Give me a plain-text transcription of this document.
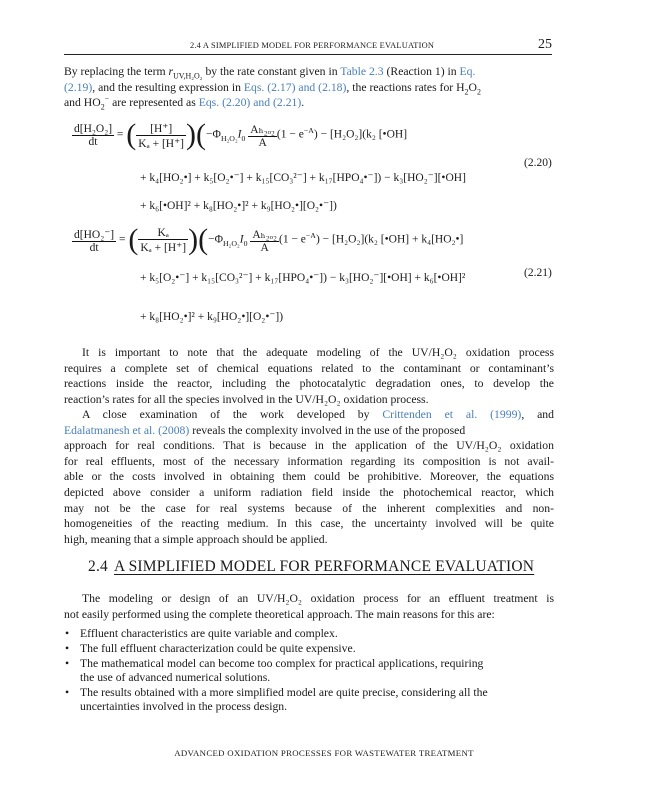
2.4 A SIMPLIFIED MODEL FOR PERFORMANCE EVALUATION	25
By replacing the term $r_{UV,H_2O_2}$ by the rate constant given in Table 2.3 (Reaction 1) in Eq.
(2.19), and the resulting expression in Eqs. (2.17) and (2.18), the reactions rates for $H_2O_2$
and $HO_2^-$ are represented as Eqs. (2.20) and (2.21).
$\frac{\text{d[H₂O₂]}}{dt}$ = ( $\frac{[H^+]}{\text{Kₐ + [H⁺]}} )(-\Phi_{H_2O_2}I_0 \frac{\text{Aₕ₂ₒ₂}}{A} (1 - e^{-A}) - [H_2O_2](k_2$ [•OH]
+ k₄[HO₂•] + k₅[O₂•⁻] + k₁₅[CO₃²⁻] + k₁₇[HPO₄•⁻]) − k₃[HO₂⁻][•OH]
(2.20)
+ k₆[•OH]² + k₈[HO₂•]² + k₉[HO₂•][O₂•⁻])
$\frac{\text{d[HO₂⁻]}}{dt}$ = ( $\frac{\text{Kₐ}}{\text{Kₐ + [H⁺]}} )(-\Phi_{H_2O_2}I_0 \frac{\text{Aₕ₂ₒ₂}}{A} (1 - e^{-A}) - [H_2O_2](k_2$ [•OH] + k₄[HO₂•]
+ k₅[O₂•⁻] + k₁₅[CO₃²⁻] + k₁₇[HPO₄•⁻]) − k₃[HO₂⁻][•OH] + k₆[•OH]²	(2.21)
+ k₈[HO₂•]² + k₉[HO₂•][O₂•⁻])
It is important to note that the adequate modeling of the UV/H₂O₂ oxidation process
requires a complete set of chemical equations related to the contaminant or contaminant’s
reactions inside the reactor, including the photocatalytic degradation ones, to develop the
reaction’s rates for all the species involved in the UV/H₂O₂ oxidation process.
A close examination of the work developed by Crittenden et al. (1999), and
Edalatmanesh et al. (2008) reveals the complexity involved in the use of the proposed
approach for real conditions. That is because in the application of the UV/H₂O₂ oxidation
for real effluents, most of the necessary information regarding its composition is not avail-
able or the costs involved in obtaining them could be prohibitive. Moreover, the equations
depicted above consider a uniform radiation field inside the photochemical reactor, which
may not be the case for real systems because of the inherent complexities and non-
homogeneities of the reacting medium. In this case, the uncertainty involved will be quite
high, meaning that a simple approach should be applied.
2.4 A SIMPLIFIED MODEL FOR PERFORMANCE EVALUATION
The modeling or design of an UV/H₂O₂ oxidation process for an effluent treatment is
not easily performed using the complete theoretical approach. The main reasons for this are:
• Effluent characteristics are quite variable and complex.
• The full effluent characterization could be quite expensive.
• The mathematical model can become too complex for practical applications, requiring
the use of advanced numerical solutions.
• The results obtained with a more simplified model are quite precise, considering all the
uncertainties involved in the process design.
ADVANCED OXIDATION PROCESSES FOR WASTEWATER TREATMENT
